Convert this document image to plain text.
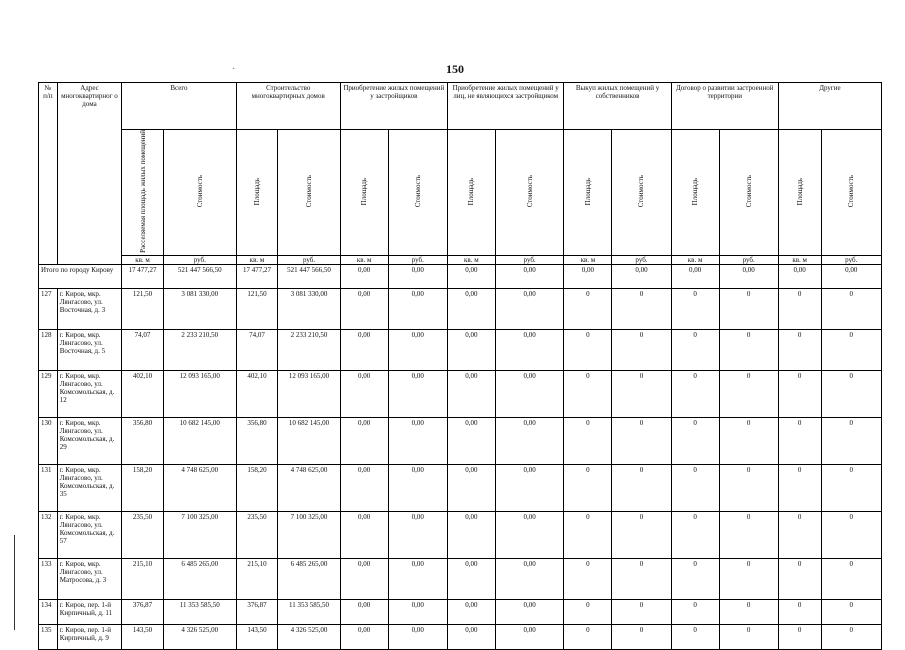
150
·
№ п/п	Адрес многоквартирног о дома	Всего		Строительство многоквартирных домов		Приобретение жилых помещений у застройщиков		Приобретение жилых помещений у лиц, не являющихся застройщиком		Выкуп жилых помещений у собственников		Договор о развитии застроенной территории		Другие	
		Расселяемая площадь жилых помещений	Стоимость	Площадь	Стоимость	Площадь	Стоимость	Площадь	Стоимость	Площадь	Стоимость	Площадь	Стоимость	Площадь	Стоимость
		кв. м	руб.	кв. м	руб.	кв. м	руб.	кв. м	руб.	кв. м	руб.	кв. м	руб.	кв. м	руб.
Итого по городу Кирову		17 477,27	521 447 566,50	17 477,27	521 447 566,50	0,00	0,00	0,00	0,00	0,00	0,00	0,00	0,00	0,00	0,00
127	г. Киров, мкр. Лянгасово, ул. Восточная, д. 3	121,50	3 081 330,00	121,50	3 081 330,00	0,00	0,00	0,00	0,00	0	0	0	0	0	0
128	г. Киров, мкр. Лянгасово, ул. Восточная, д. 5	74,07	2 233 210,50	74,07	2 233 210,50	0,00	0,00	0,00	0,00	0	0	0	0	0	0
129	г. Киров, мкр. Лянгасово, ул. Комсомольская, д. 12	402,10	12 093 165,00	402,10	12 093 165,00	0,00	0,00	0,00	0,00	0	0	0	0	0	0
130	г. Киров, мкр. Лянгасово, ул. Комсомольская, д. 29	356,80	10 682 145,00	356,80	10 682 145,00	0,00	0,00	0,00	0,00	0	0	0	0	0	0
131	г. Киров, мкр. Лянгасово, ул. Комсомольская, д. 35	158,20	4 748 625,00	158,20	4 748 625,00	0,00	0,00	0,00	0,00	0	0	0	0	0	0
132	г. Киров, мкр. Лянгасово, ул. Комсомольская, д. 57	235,50	7 100 325,00	235,50	7 100 325,00	0,00	0,00	0,00	0,00	0	0	0	0	0	0
133	г. Киров, мкр. Лянгасово, ул. Матросова, д. 3	215,10	6 485 265,00	215,10	6 485 265,00	0,00	0,00	0,00	0,00	0	0	0	0	0	0
134	г. Киров, пер. 1-й Кирпичный, д. 11	376,87	11 353 585,50	376,87	11 353 585,50	0,00	0,00	0,00	0,00	0	0	0	0	0	0
135	г. Киров, пер. 1-й Кирпичный, д. 9	143,50	4 326 525,00	143,50	4 326 525,00	0,00	0,00	0,00	0,00	0	0	0	0	0	0
